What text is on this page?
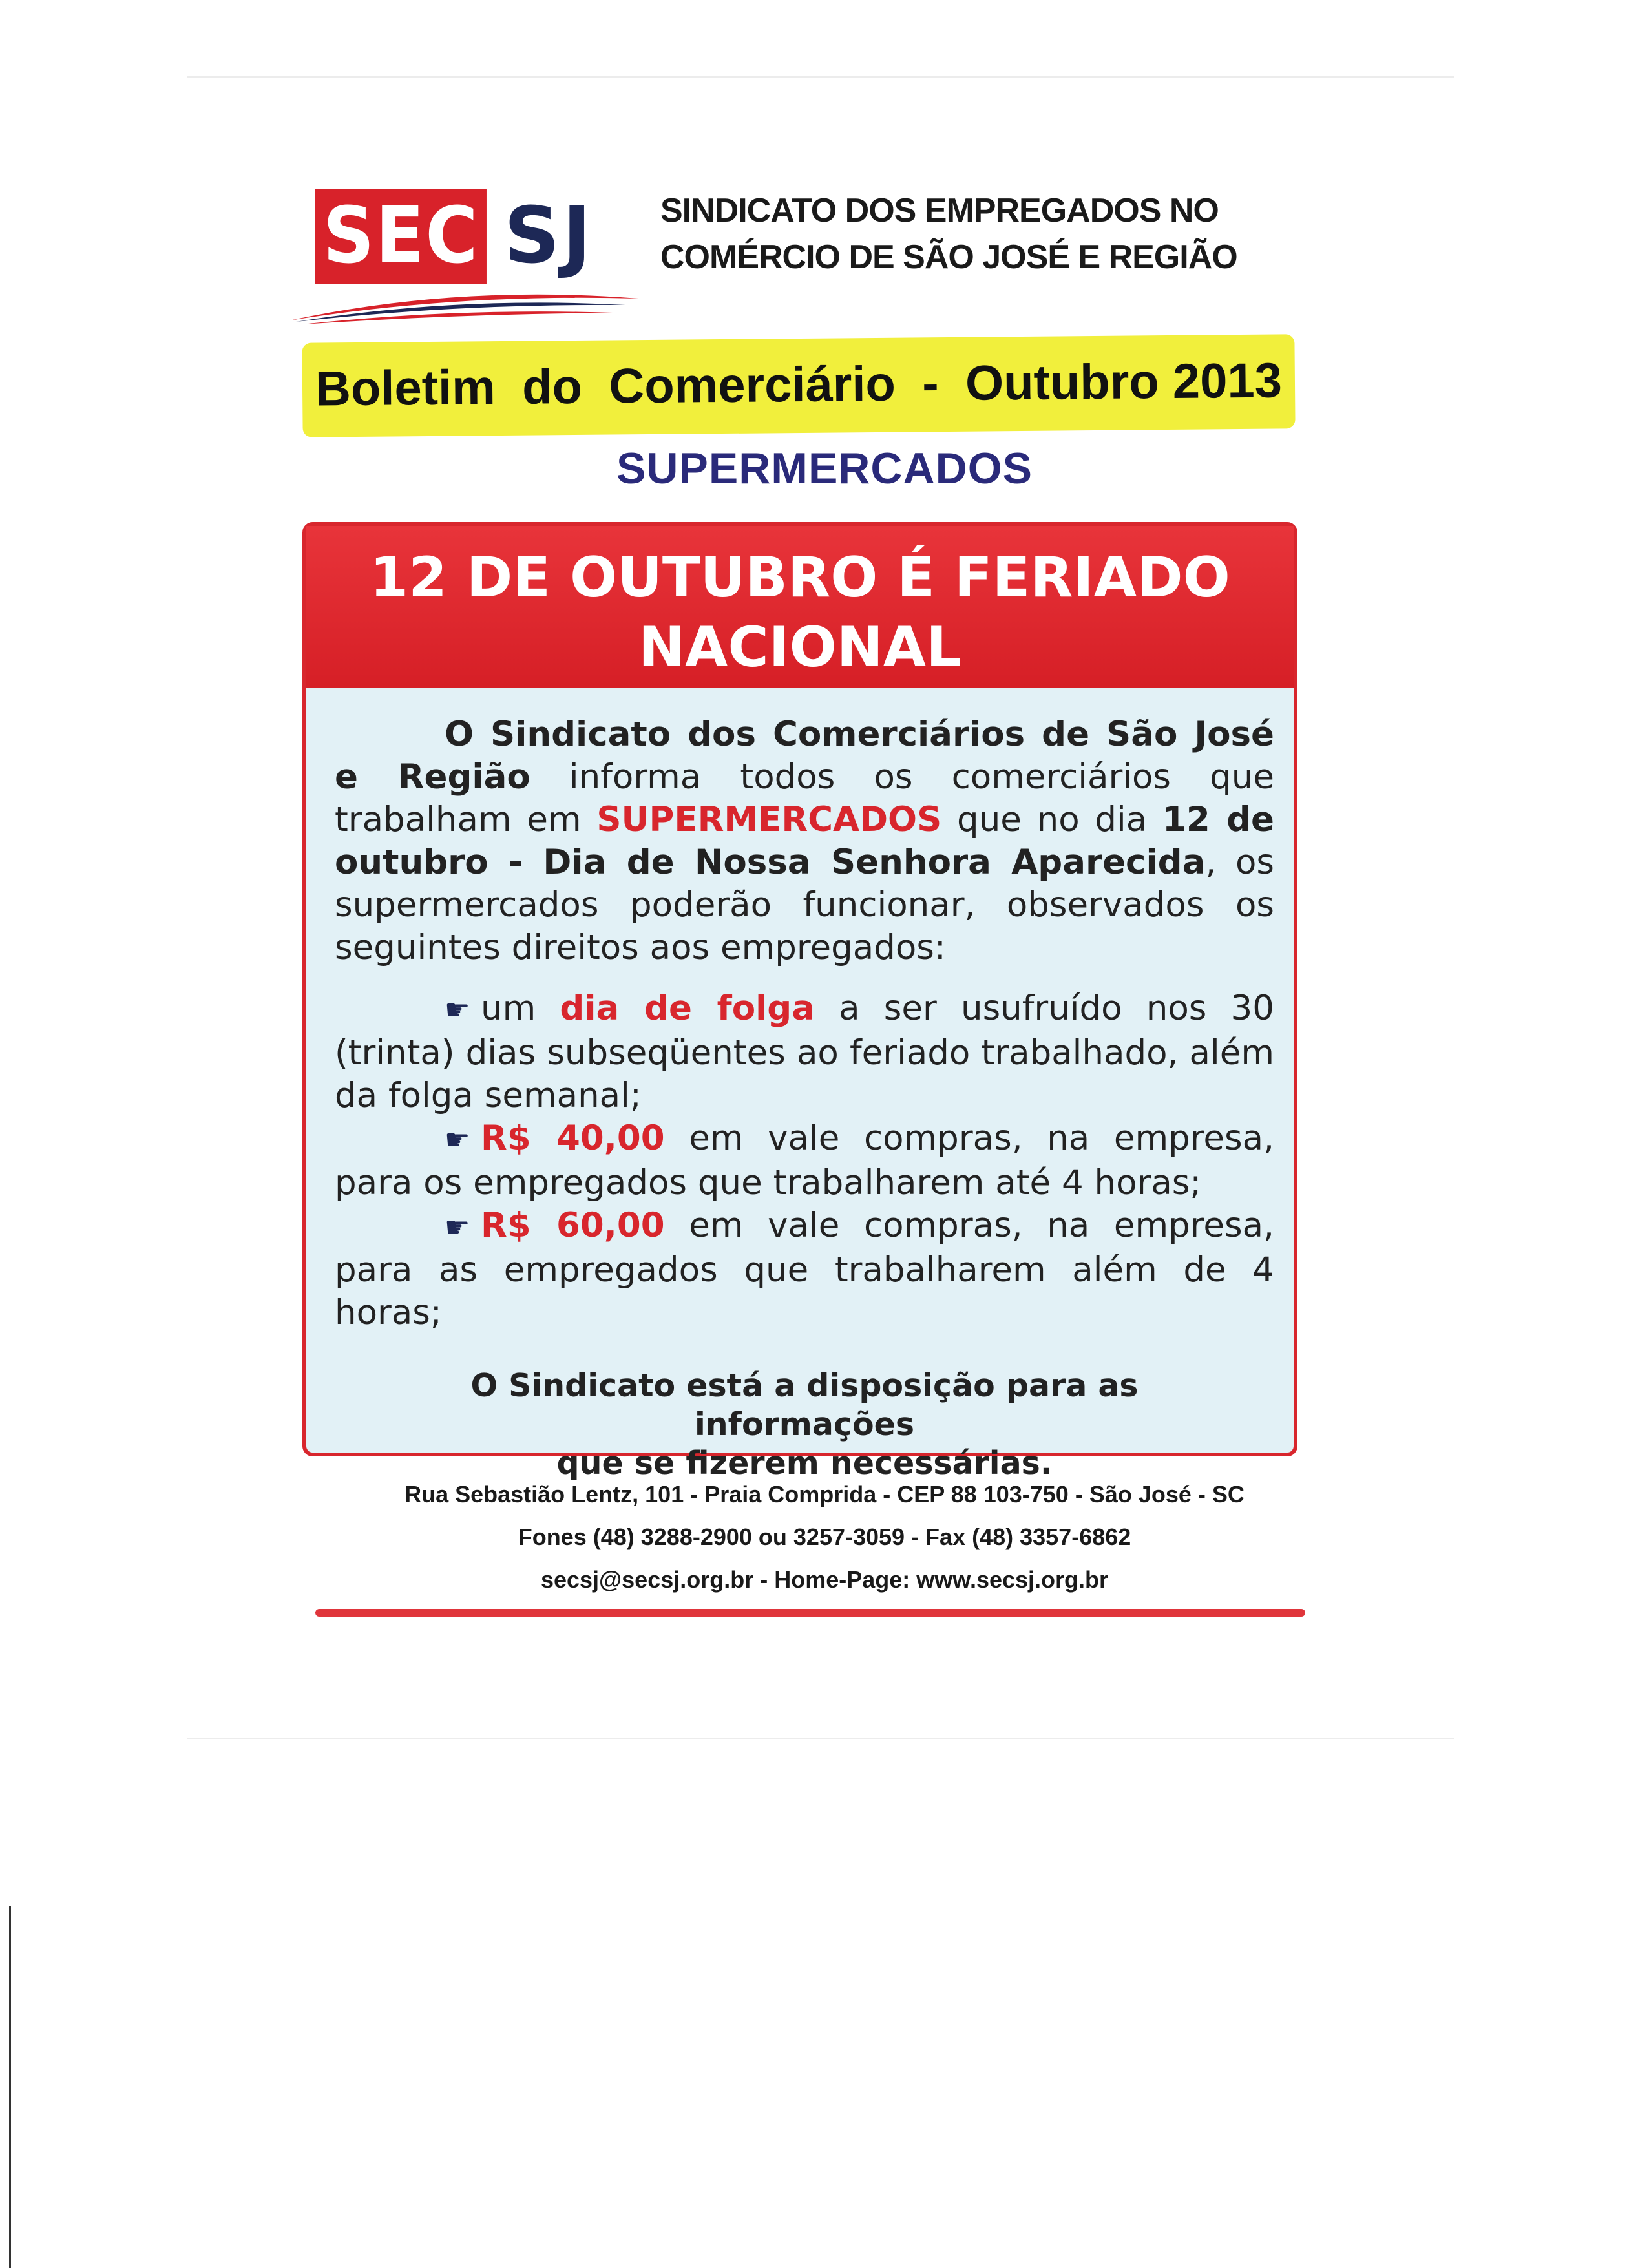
SEC SJ SINDICATO DOS EMPREGADOS NO
COMÉRCIO DE SÃO JOSÉ E REGIÃO
Boletim do Comerciário - Outubro 2013
SUPERMERCADOS
12 DE OUTUBRO É FERIADO
NACIONAL

O Sindicato dos Comerciários de São José e Região informa todos os comerciários que trabalham em SUPERMERCADOS que no dia 12 de outubro - Dia de Nossa Senhora Aparecida, os supermercados poderão funcionar, observados os seguintes direitos aos empregados:

☛ um dia de folga a ser usufruído nos 30 (trinta) dias subseqüentes ao feriado trabalhado, além da folga semanal;

☛ R$ 40,00 em vale compras, na empresa, para os empregados que trabalharem até 4 horas;

☛ R$ 60,00 em vale compras, na empresa, para as empregados que trabalharem além de 4 horas;

O Sindicato está a disposição para as informações
que se fizerem necessárias.

Rua Sebastião Lentz, 101 - Praia Comprida - CEP 88 103-750 - São José - SC
Fones (48) 3288-2900 ou 3257-3059 - Fax (48) 3357-6862
secsj@secsj.org.br - Home-Page: www.secsj.org.br
